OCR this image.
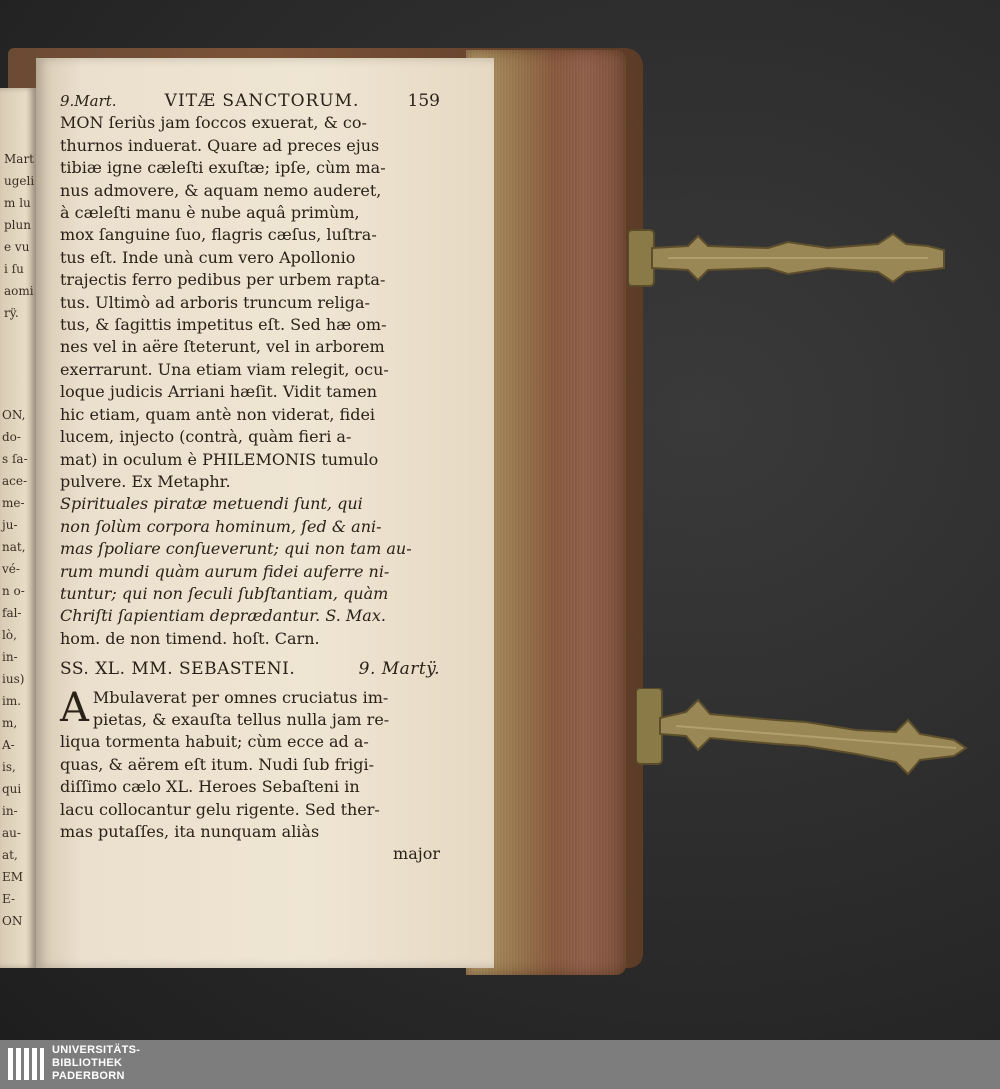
Mart
ugeli
m lu
plun
e vu
i ſu
aomi
rÿ.
ON,
do-
s ſa-
ace-
me-
ju-
nat,
vé-
n o-
fal-
lò,
in-
ius)
im.
m,
A-
is,
qui
in-
au-
at,
EM
E-
ON
9.Mart.	VITÆ SANCTORUM.	159
MON ſeriùs jam ſoccos exuerat, & co-
thurnos induerat. Quare ad preces ejus
tibiæ igne cæleſti exuſtæ; ipſe, cùm ma-
nus admovere, & aquam nemo auderet,
à cæleſti manu è nube aquâ primùm,
mox ſanguine ſuo, flagris cæſus, luſtra-
tus eſt. Inde unà cum vero Apollonio
trajectis ferro pedibus per urbem rapta-
tus. Ultimò ad arboris truncum religa-
tus, & ſagittis impetitus eſt. Sed hæ om-
nes vel in aëre ſteterunt, vel in arborem
exerrarunt. Una etiam viam relegit, ocu-
loque judicis Arriani hæſit. Vidit tamen
hic etiam, quam antè non viderat, fidei
lucem, injecto (contrà, quàm fieri a-
mat) in oculum è PHILEMONIS tumulo
pulvere. Ex Metaphr.
Spirituales piratæ metuendi ſunt, qui
non ſolùm corpora hominum, ſed & ani-
mas ſpoliare conſueverunt; qui non tam au-
rum mundi quàm aurum fidei auferre ni-
tuntur; qui non ſeculi ſubſtantiam, quàm
Chriſti ſapientiam deprædantur. S. Max.
hom. de non timend. hoſt. Carn.
SS. XL. MM. SEBASTENI.	9. Martÿ.
A Mbulaverat per omnes cruciatus im-
pietas, & exauſta tellus nulla jam re-
liqua tormenta habuit; cùm ecce ad a-
quas, & aërem eſt itum. Nudi ſub frigi-
diſſimo cælo XL. Heroes Sebaſteni in
lacu collocantur gelu rigente. Sed ther-
mas putaſſes, ita nunquam aliàs
major
UNIVERSITÄTS-
BIBLIOTHEK
PADERBORN
